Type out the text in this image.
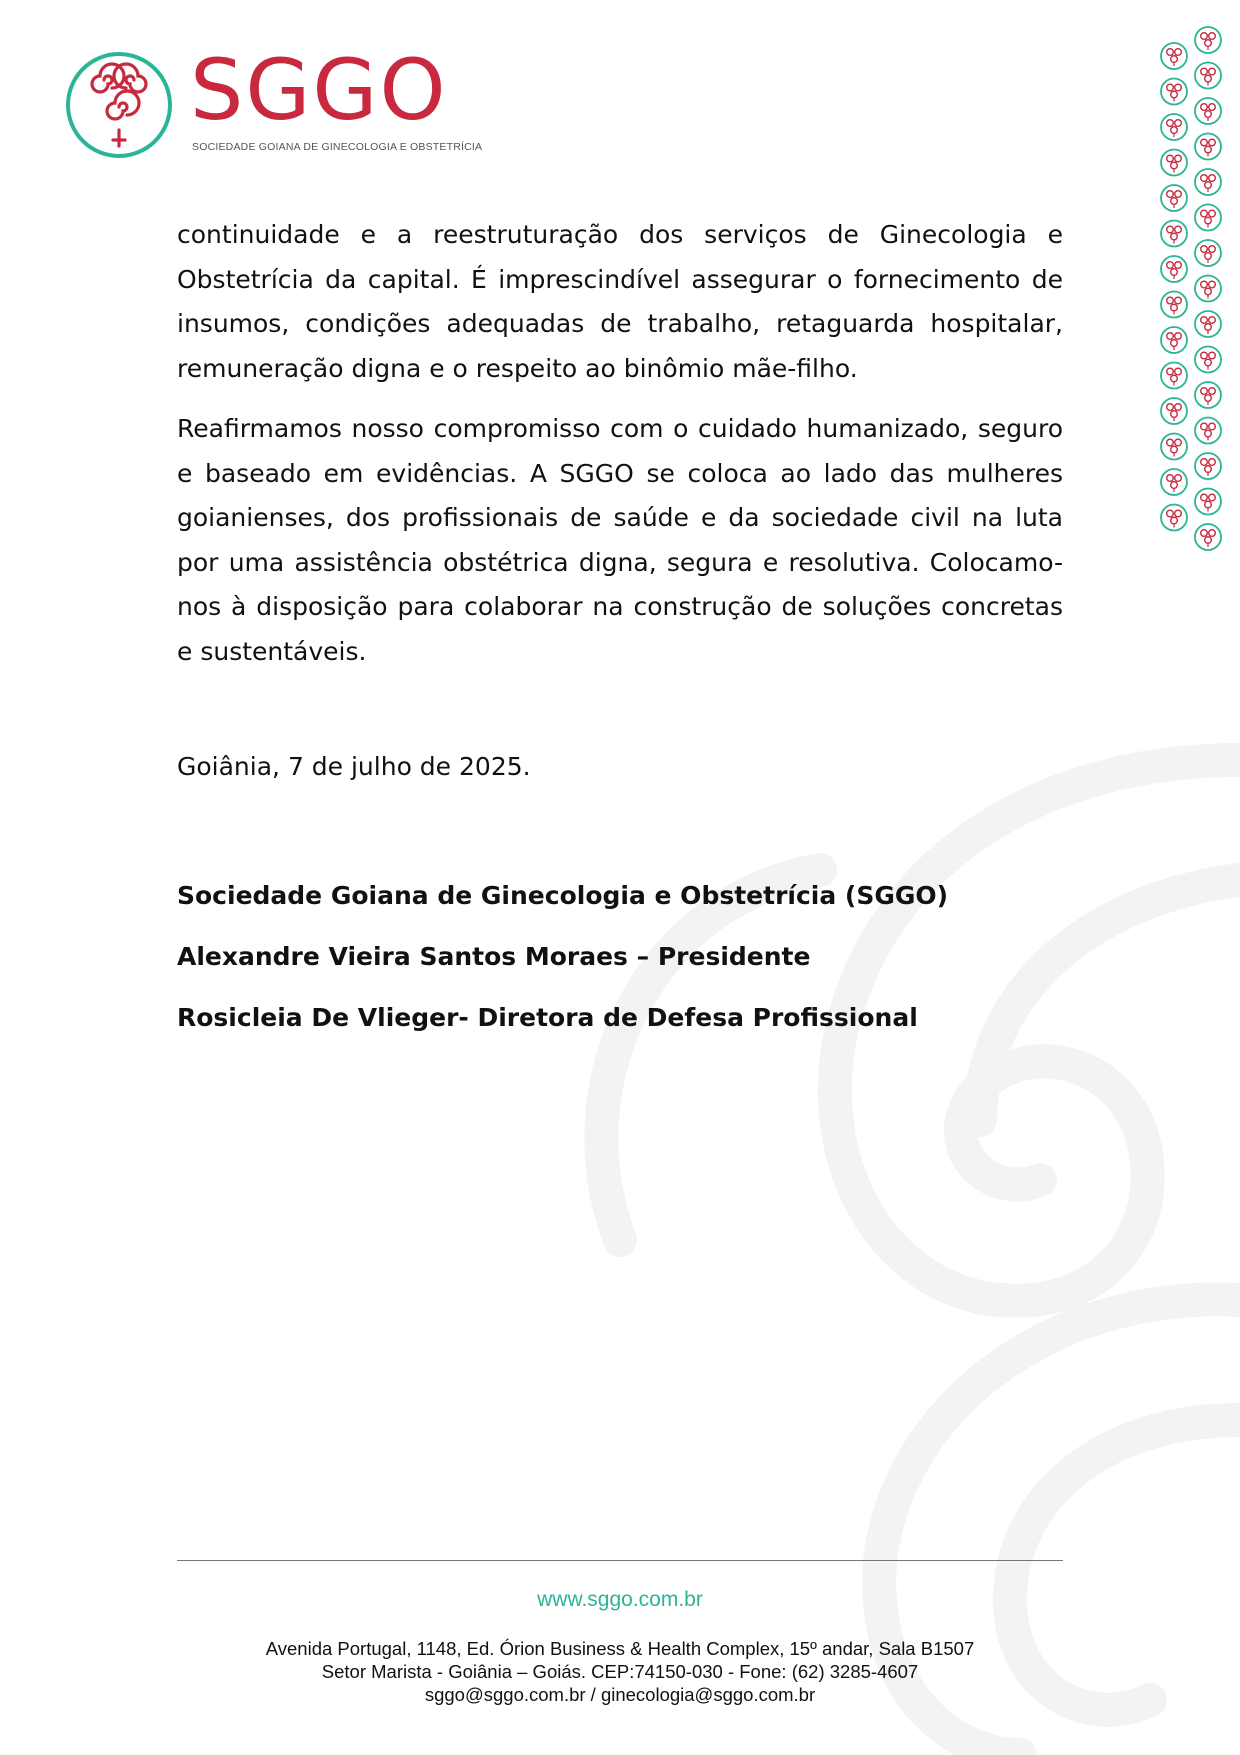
SGGO
SOCIEDADE GOIANA DE GINECOLOGIA E OBSTETRÍCIA

continuidade e a reestruturação dos serviços de Ginecologia e Obstetrícia da capital. É imprescindível assegurar o fornecimento de insumos, condições adequadas de trabalho, retaguarda hospitalar, remuneração digna e o respeito ao binômio mãe-filho.

Reafirmamos nosso compromisso com o cuidado humanizado, seguro e baseado em evidências. A SGGO se coloca ao lado das mulheres goianienses, dos profissionais de saúde e da sociedade civil na luta por uma assistência obstétrica digna, segura e resolutiva. Colocamo-nos à disposição para colaborar na construção de soluções concretas e sustentáveis.

Goiânia, 7 de julho de 2025.
Sociedade Goiana de Ginecologia e Obstetrícia (SGGO)
Alexandre Vieira Santos Moraes – Presidente
Rosicleia De Vlieger- Diretora de Defesa Profissional
www.sggo.com.br
Avenida Portugal, 1148, Ed. Órion Business & Health Complex, 15º andar, Sala B1507
Setor Marista - Goiânia – Goiás. CEP:74150-030 - Fone: (62) 3285-4607
sggo@sggo.com.br / ginecologia@sggo.com.br
